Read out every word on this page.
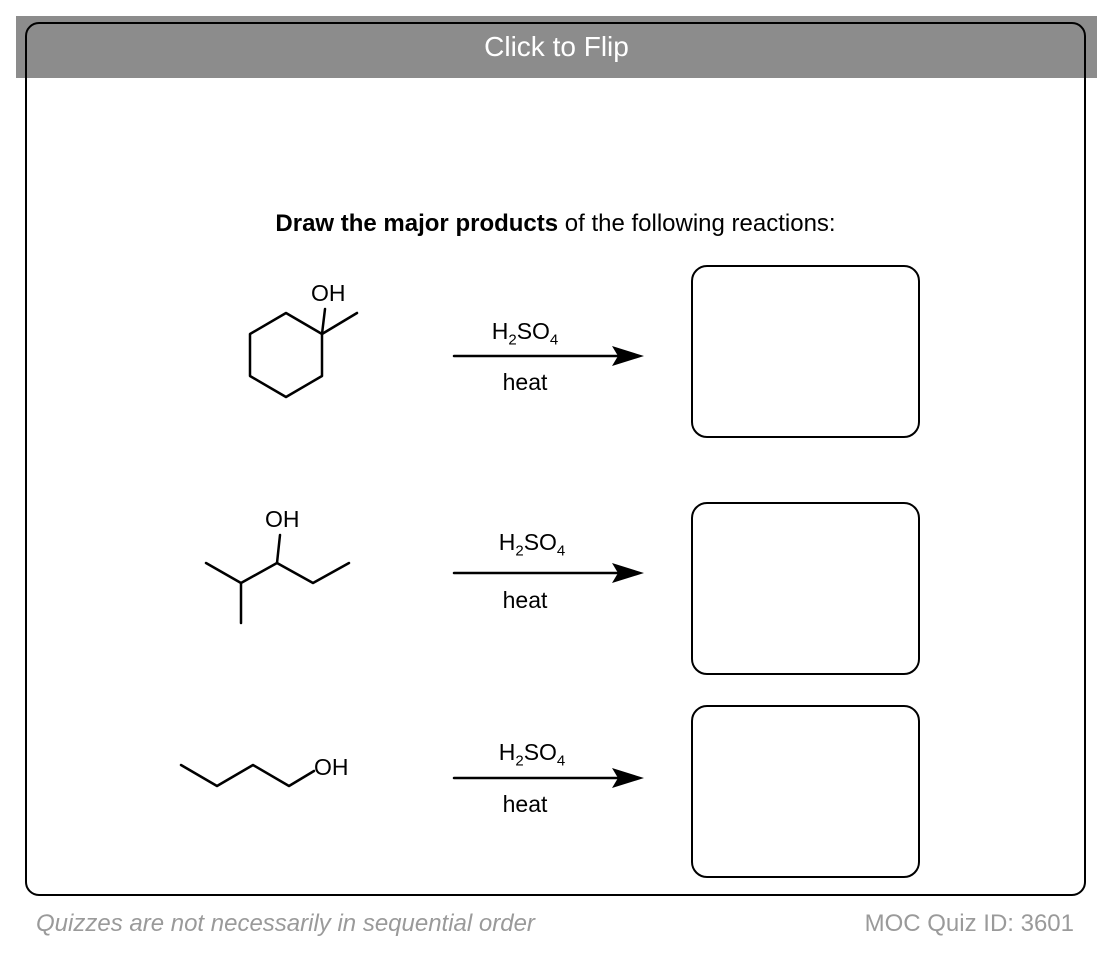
Click to Flip
Draw the major products of the following reactions:
OH
OH
OH
$H_2SO_4$
heat
$H_2SO_4$
heat
$H_2SO_4$
heat
Quizzes are not necessarily in sequential order	MOC Quiz ID: 3601
